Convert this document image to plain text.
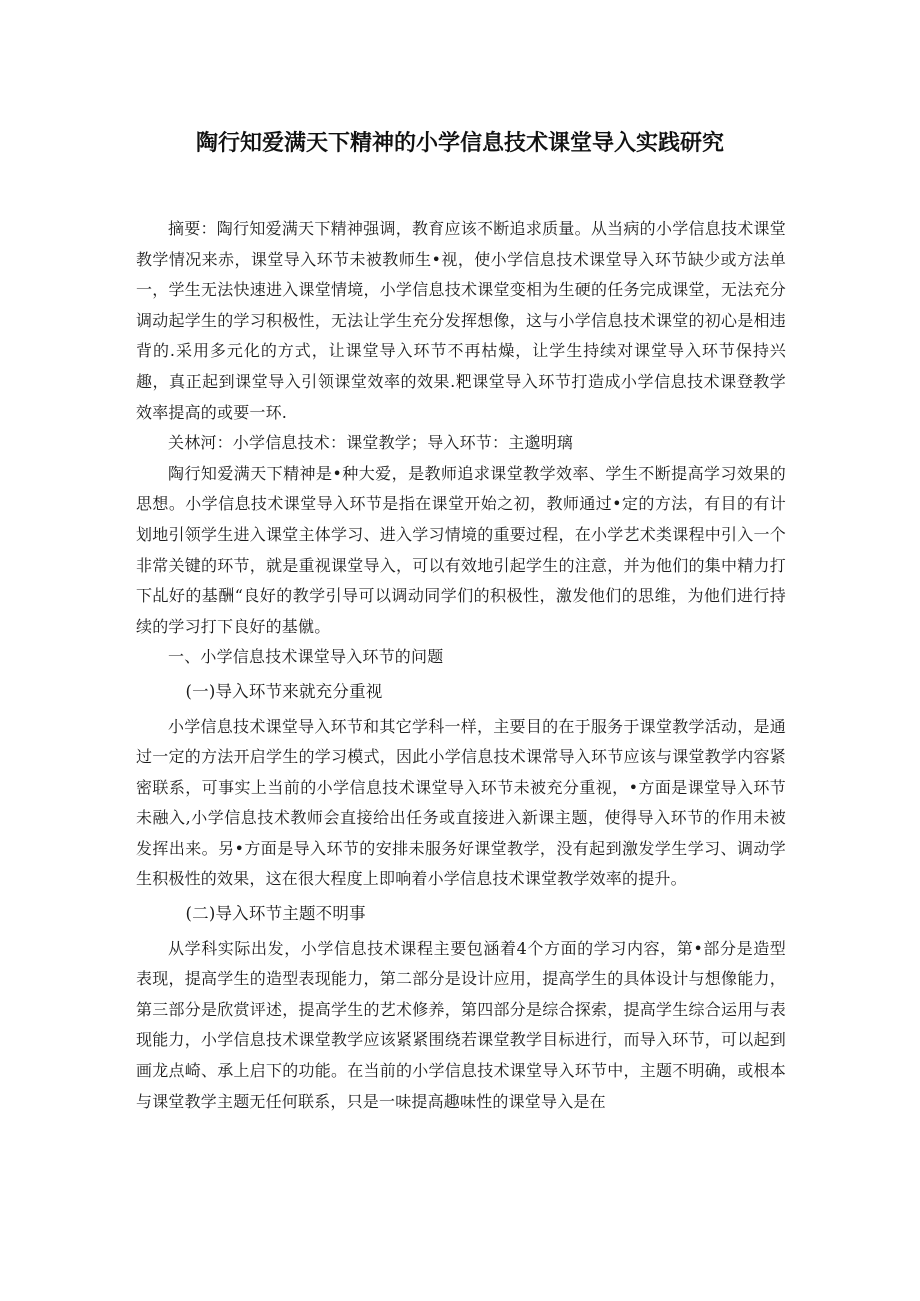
陶行知爱满天下精神的小学信息技术课堂导入实践研究

摘要：陶行知爱满天下精神强调，教育应该不断追求质量。从当病的小学信息技术课堂教学情况来赤，课堂导入环节未被教师生•视，使小学信息技术课堂导入环节缺少或方法单一，学生无法快速进入课堂情境，小学信息技术课堂变相为生硬的任务完成课堂，无法充分调动起学生的学习积极性，无法让学生充分发挥想像，这与小学信息技术课堂的初心是相违背的.采用多元化的方式，让课堂导入环节不再枯燥，让学生持续对课堂导入环节保持兴趣，真正起到课堂导入引领课堂效率的效果.粑课堂导入环节打造成小学信息技术课登教学效率提高的或要一环.

关林河：小学信息技术：课堂教学；导入环节：主邈明璃

陶行知爱满天下精神是•种大爱，是教师追求课堂教学效率、学生不断提高学习效果的思想。小学信息技术课堂导入环节是指在课堂开始之初，教师通过•定的方法，有目的有计划地引领学生进入课堂主体学习、进入学习情境的重要过程，在小学艺术类课程中引入一个非常关键的环节，就是重视课堂导入，可以有效地引起学生的注意，并为他们的集中精力打下乩好的基酬“良好的教学引导可以调动同学们的积极性，激发他们的思维，为他们进行持续的学习打下良好的基僦。

一、小学信息技术课堂导入环节的问题

(一)导入环节来就充分重视

小学信息技术课堂导入环节和其它学科一样，主要目的在于服务于课堂教学活动，是通过一定的方法开启学生的学习模式，因此小学信息技术课常导入环节应该与课堂教学内容紧密联系，可事实上当前的小学信息技术课堂导入环节未被充分重视，•方面是课堂导入环节未融入,小学信息技术教师会直接给出任务或直接进入新课主题，使得导入环节的作用未被发挥出来。另•方面是导入环节的安排未服务好课堂教学，没有起到激发学生学习、调动学生积极性的效果，这在很大程度上即响着小学信息技术课堂教学效率的提升。

(二)导入环节主题不明事

从学科实际出发，小学信息技术课程主要包涵着4个方面的学习内容，第•部分是造型表现，提高学生的造型表现能力，第二部分是设计应用，提高学生的具体设计与想像能力，第三部分是欣赏评述，提高学生的艺术修养，第四部分是综合探索，提高学生综合运用与表现能力，小学信息技术课堂教学应该紧紧围绕若课堂教学目标进行，而导入环节，可以起到画龙点崎、承上启下的功能。在当前的小学信息技术课堂导入环节中，主题不明确，或根本与课堂教学主题无任何联系，只是一味提高趣味性的课堂导入是在
